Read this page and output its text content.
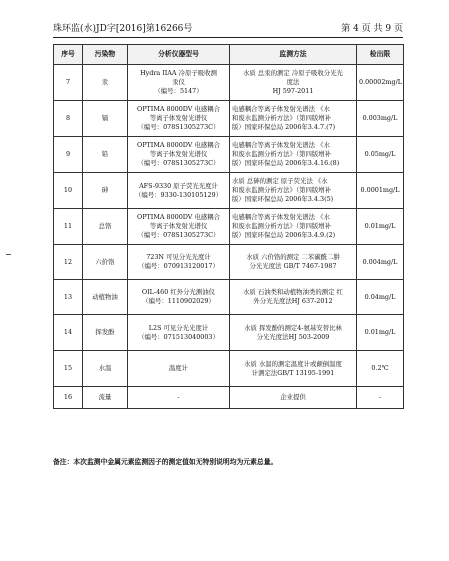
珠环监(水)JD字[2016]第16266号	第 4 页 共 9 页
序号	污染物	分析仪器型号	监测方法	检出限
7	汞	Hydra IIAA 冷原子吸收测
汞仪
（编号：5147）	水质 总汞的测定 冷原子吸收分光光
度法
HJ 597-2011	0.00002mg/L
8	镉	OPTIMA 8000DV 电感耦合
等离子体发射光谱仪
（编号：078S1305273C）	电感耦合等离子体发射光谱法 《水
和废水监测分析方法》（第四版增补
版）国家环保总局 2006年3.4.7.(7)	0.003mg/L
9	铅	OPTIMA 8000DV 电感耦合
等离子体发射光谱仪
（编号：078S1305273C）	电感耦合等离子体发射光谱法 《水
和废水监测分析方法》（第四版增补
版）国家环保总局 2006年3.4.16.(8)	0.05mg/L
10	砷	AFS-9330 原子荧光光度计
（编号：9330-130105129）	水质 总砷的测定 原子荧光法 《水
和废水监测分析方法》（第四版增补
版）国家环保总局 2006年3.4.3(5)	0.0001mg/L
11	总铬	OPTIMA 8000DV 电感耦合
等离子体发射光谱仪
（编号：078S1305273C）	电感耦合等离子体发射光谱法 《水
和废水监测分析方法》（第四版增补
版）国家环保总局 2006年3.4.9.(2)	0.01mg/L
12	六价铬	723N 可见分光光度计
（编号：070913120017）	水质 六价铬的测定 二苯碳酰二肼
分光光度法 GB/T 7467-1987	0.004mg/L
13	动植物油	OIL-460 红外分光测油仪
（编号：1110902029）	水质 石油类和动植物油类的测定 红
外分光光度法HJ 637-2012	0.04mg/L
14	挥发酚	L2S 可见分光光度计
（编号：071513040003）	水质 挥发酚的测定4-氨基安替比林
分光光度法HJ 503-2009	0.01mg/L
15	水温	温度计	水质 水温的测定温度计或颠倒温度
计测定法GB/T 13195-1991	0.2℃
16	流量	-	企业提供	-
备注：本次监测中金属元素监测因子的测定值如无特别说明均为元素总量。
